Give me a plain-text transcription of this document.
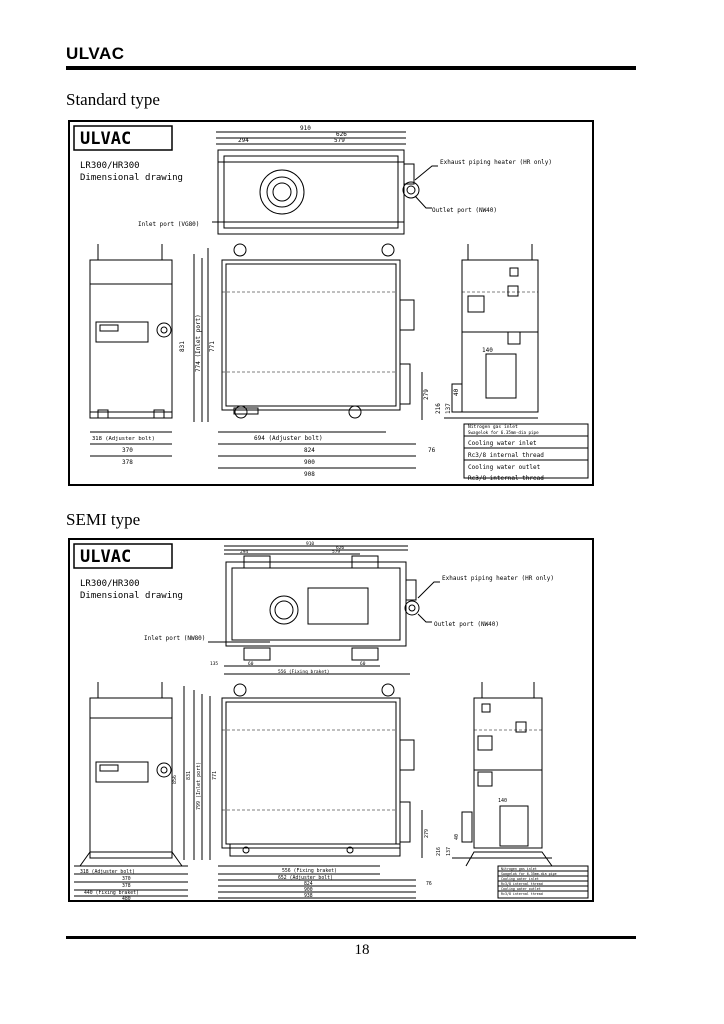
ULVAC
Standard type
ULVAC
LR300/HR300
Dimensional drawing
910
626
294	579
Exhaust piping heater (HR only)
Outlet port (NW40)
Inlet port (VG80)
318 (Adjuster bolt)
370
378
831 774 (Inlet port) 771
694 (Adjuster bolt)
824	76
900
908
279
216
140
137
40
Nitrogen gas inlet
Swagelok for 6.35mm-dia pipe
Cooling water inlet
Rc3/8 internal thread
Cooling water outlet
Rc3/8 internal thread
SEMI type
ULVAC
LR300/HR300
Dimensional drawing
910
626
294	579
Exhaust piping heater (HR only)
Outlet port (NW40)
Inlet port (NW80)
135	60	60
556 (Fixing braket)
856 831 799 (Inlet port) 771
318 (Adjuster bolt)
370
378
440 (Fixing braket)
480
556 (Fixing braket)
652 (Adjuster bolt)
824	76
900
938
279
216
140
137
40
Nitrogen gas inlet
Swagelok for 6.35mm-dia pipe
Cooling water inlet
Rc3/8 internal thread
Cooling water outlet
Rc3/8 internal thread
18
